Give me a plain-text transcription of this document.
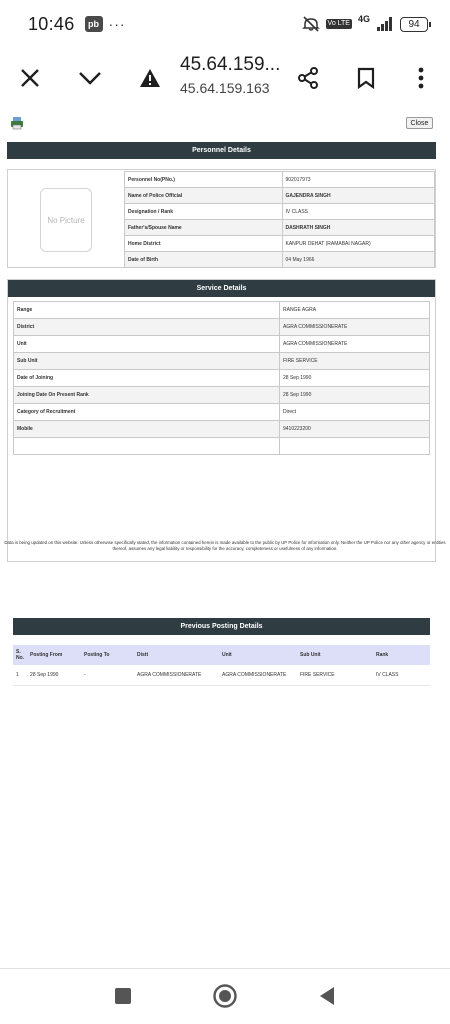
10:46	pb ···	Vo LTE 4G	94
45.64.159...
45.64.159.163
Close
Personnel Details
No Picture
Personnel No(PNo.)	902017973
Name of Police Official	GAJENDRA SINGH
Designation / Rank	IV CLASS
Father's/Spouse Name	DASHRATH SINGH
Home District	KANPUR DEHAT (RAMABAI NAGAR)
Date of Birth	04 May 1966
Service Details
Range	RANGE AGRA
District	AGRA COMMISSIONERATE
Unit	AGRA COMMISSIONERATE
Sub Unit	FIRE SERVICE
Date of Joining	28 Sep 1990
Joining Date On Present Rank	28 Sep 1990
Category of Recruitment	Direct
Mobile	9410223200

Previous Posting Details
S. No.	Posting From	Posting To	Distt	Unit	Sub Unit	Rank
1	28 Sep 1990	-	AGRA COMMISSIONERATE	AGRA COMMISSIONERATE	FIRE SERVICE	IV CLASS
Data is being updated on this website. Unless otherwise specifically stated, the information contained herein is made available to the public by UP Police for information only. Neither the UP Police nor any other agency or entities thereof, assumes any legal liability or responsibility for the accuracy, completeness or usefulness of any information.
